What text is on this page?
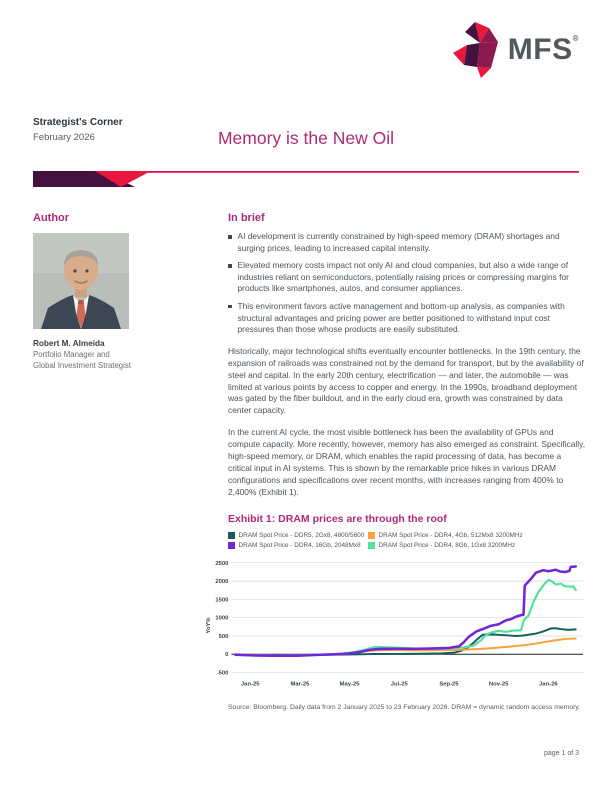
MFS®
Strategist's Corner
February 2026	Memory is the New Oil
Author
Robert M. Almeida
Portfolio Manager and
Global Investment Strategist
In brief
AI development is currently constrained by high-speed memory (DRAM) shortages and surging prices, leading to increased capital intensity.
Elevated memory costs impact not only AI and cloud companies, but also a wide range of industries reliant on semiconductors, potentially raising prices or compressing margins for products like smartphones, autos, and consumer appliances.
This environment favors active management and bottom-up analysis, as companies with structural advantages and pricing power are better positioned to withstand input cost pressures than those whose products are easily substituted.

Historically, major technological shifts eventually encounter bottlenecks. In the 19th century, the expansion of railroads was constrained not by the demand for transport, but by the availability of steel and capital. In the early 20th century, electrification — and later, the automobile — was limited at various points by access to copper and energy. In the 1990s, broadband deployment was gated by the fiber buildout, and in the early cloud era, growth was constrained by data center capacity.

In the current AI cycle, the most visible bottleneck has been the availability of GPUs and compute capacity. More recently, however, memory has also emerged as constraint. Specifically, high-speed memory, or DRAM, which enables the rapid processing of data, has become a critical input in AI systems. This is shown by the remarkable price hikes in various DRAM configurations and specifications over recent months, with increases ranging from 400% to 2,400% (Exhibit 1).

Exhibit 1: DRAM prices are through the roof
DRAM Spot Price - DDR5, 2Gx8, 4800/5600 DRAM Spot Price - DDR4, 4Gb, 512Mx8 3200MHz
DRAM Spot Price - DDR4, 16Gb, 2048Mx8	DRAM Spot Price - DDR4, 8Gb, 1Gx8 3200MHz
2500
2000
1500
1000
500
0
-500
Jan-25	Mar-25	May-25	Jul-25	Sep-25	Nov-25	Jan-26
YoY%
Source: Bloomberg. Daily data from 2 January 2025 to 23 February 2026. DRAM = dynamic random access memory.
page 1 of 3
